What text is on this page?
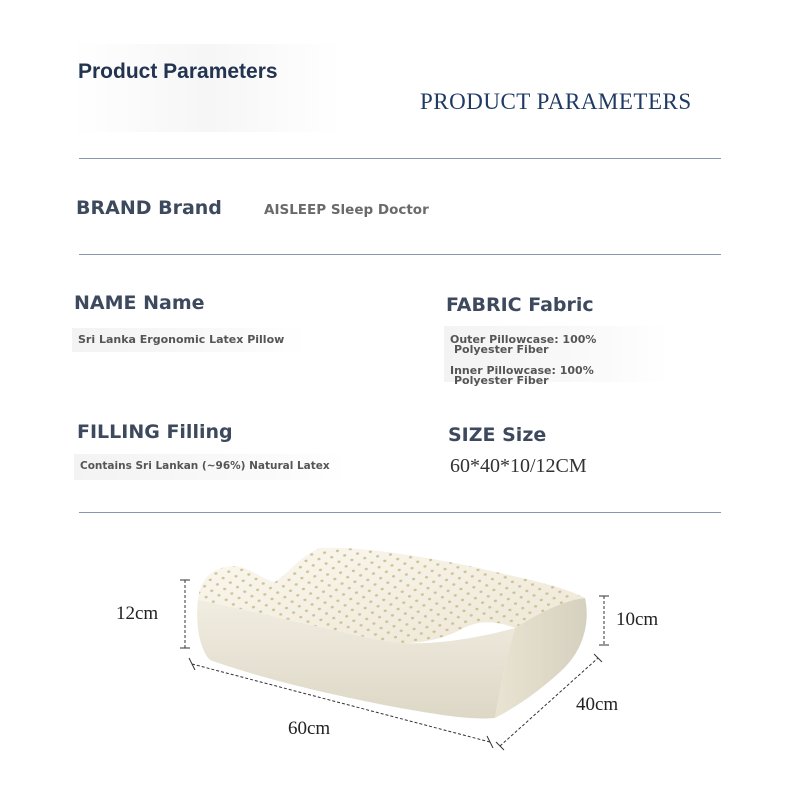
Product Parameters
PRODUCT PARAMETERS
BRAND Brand	AISLEEP Sleep Doctor
NAME Name
Sri Lanka Ergonomic Latex Pillow
FABRIC Fabric
Outer Pillowcase: 100%
Polyester Fiber
Inner Pillowcase: 100%
Polyester Fiber
FILLING Filling
Contains Sri Lankan (~96%) Natural Latex
SIZE Size
60*40*10/12CM
12cm	10cm
60cm
40cm
